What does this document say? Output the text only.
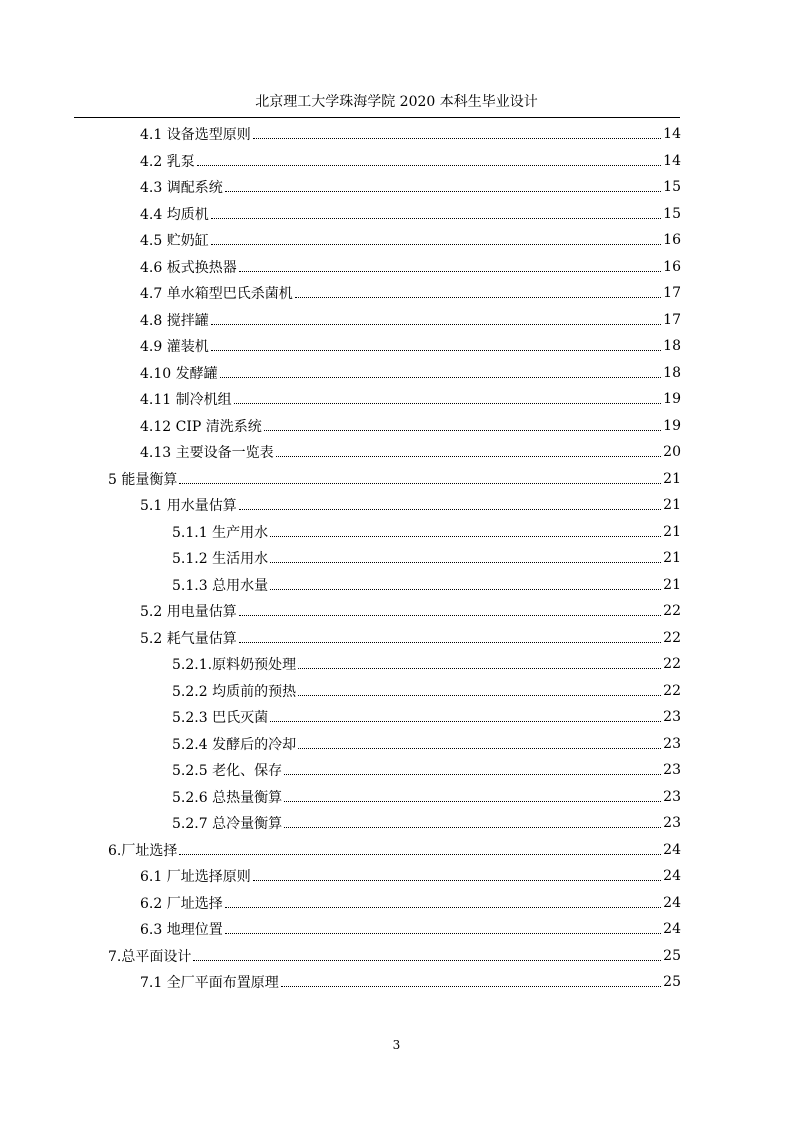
北京理工大学珠海学院 2020 本科生毕业设计
4.1 设备选型原则	14
4.2 乳泵	14
4.3 调配系统	15
4.4 均质机	15
4.5 贮奶缸	16
4.6 板式换热器	16
4.7 单水箱型巴氏杀菌机	17
4.8 搅拌罐	17
4.9 灌装机	18
4.10 发酵罐	18
4.11 制冷机组	19
4.12 CIP 清洗系统	19
4.13 主要设备一览表	20
5 能量衡算	21
5.1 用水量估算	21
5.1.1 生产用水	21
5.1.2 生活用水	21
5.1.3 总用水量	21
5.2 用电量估算	22
5.2 耗气量估算	22
5.2.1.原料奶预处理	22
5.2.2 均质前的预热	22
5.2.3 巴氏灭菌	23
5.2.4 发酵后的冷却	23
5.2.5 老化、保存	23
5.2.6 总热量衡算	23
5.2.7 总冷量衡算	23
6.厂址选择	24
6.1 厂址选择原则	24
6.2 厂址选择	24
6.3 地理位置	24
7.总平面设计	25
7.1 全厂平面布置原理	25
3
